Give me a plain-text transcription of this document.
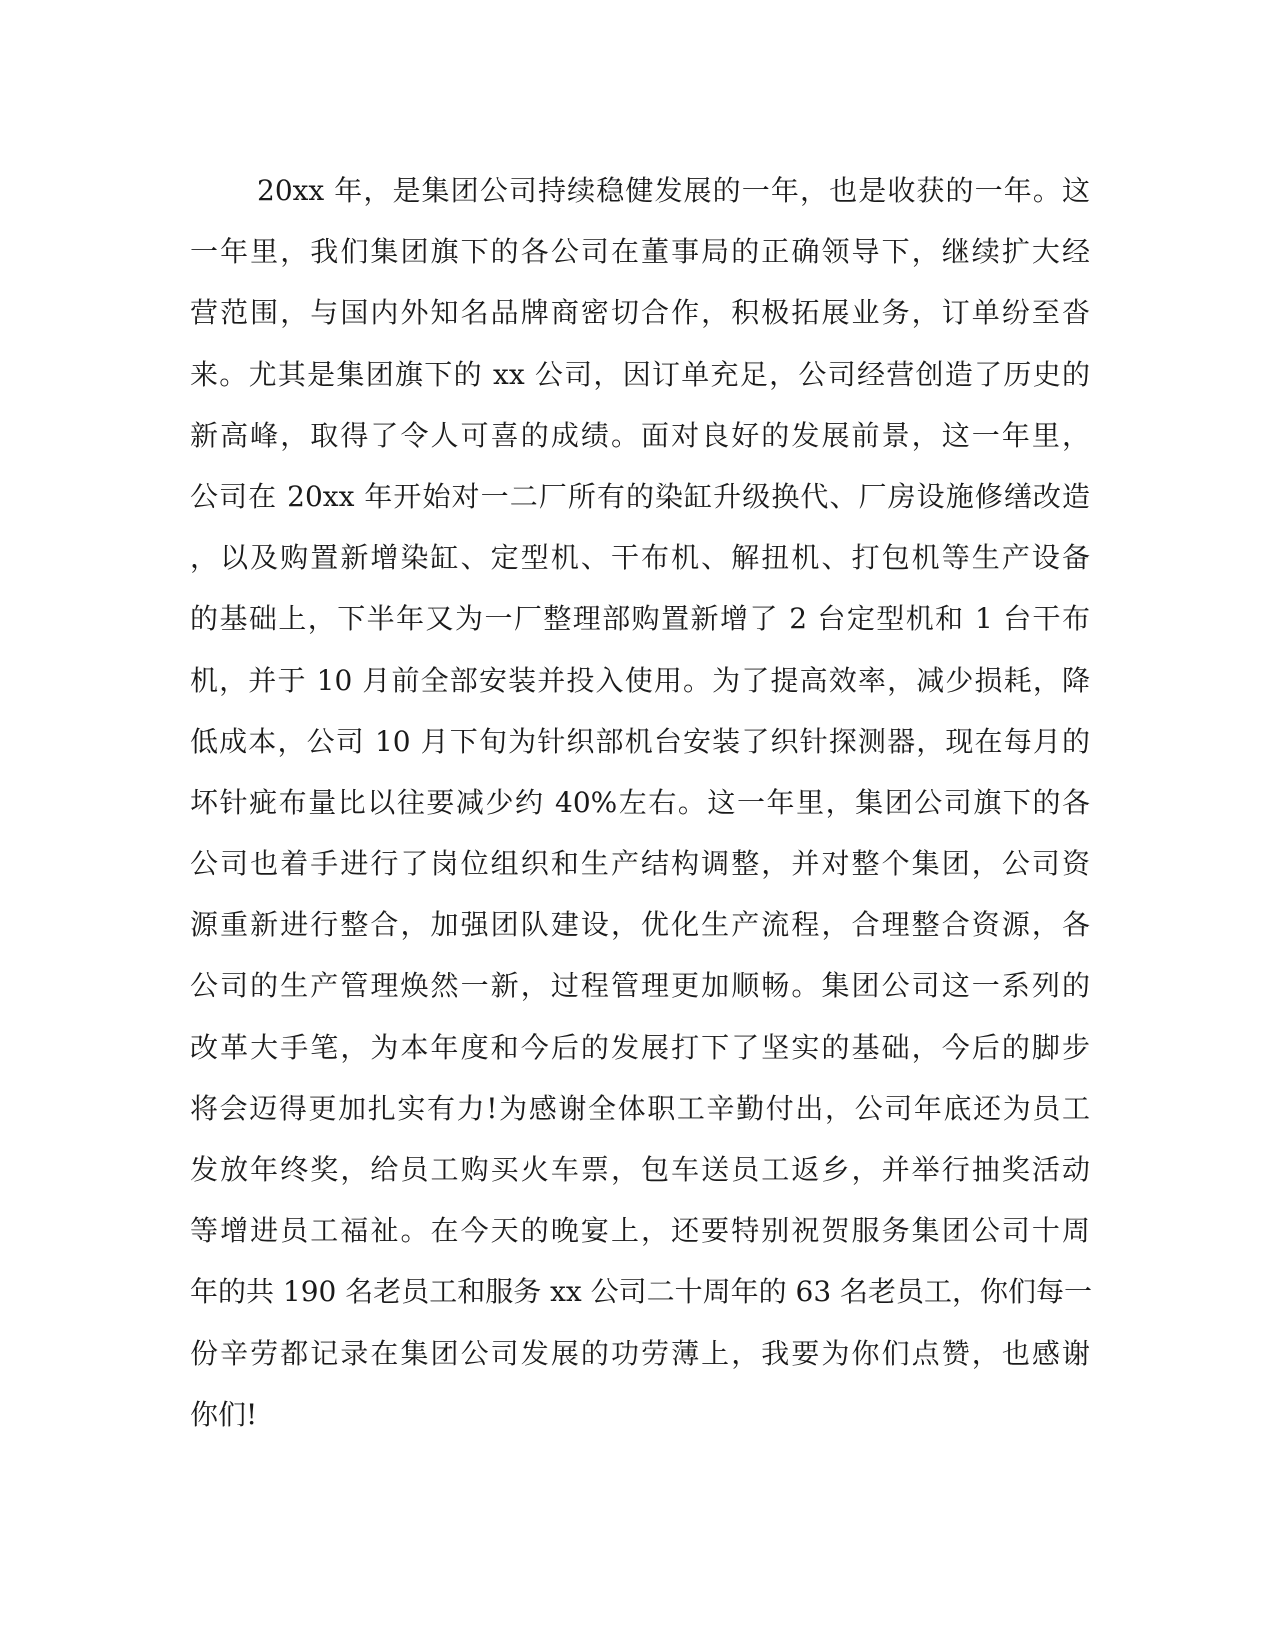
20xx 年，是集团公司持续稳健发展的一年，也是收获的一年。这
一年里，我们集团旗下的各公司在董事局的正确领导下，继续扩大经
营范围，与国内外知名品牌商密切合作，积极拓展业务，订单纷至沓
来。尤其是集团旗下的 xx 公司，因订单充足，公司经营创造了历史的
新高峰，取得了令人可喜的成绩。面对良好的发展前景，这一年里，
公司在 20xx 年开始对一二厂所有的染缸升级换代、厂房设施修缮改造
，以及购置新增染缸、定型机、干布机、解扭机、打包机等生产设备
的基础上，下半年又为一厂整理部购置新增了 2 台定型机和 1 台干布
机，并于 10 月前全部安装并投入使用。为了提高效率，减少损耗，降
低成本，公司 10 月下旬为针织部机台安装了织针探测器，现在每月的
坏针疵布量比以往要减少约 40%左右。这一年里，集团公司旗下的各
公司也着手进行了岗位组织和生产结构调整，并对整个集团，公司资
源重新进行整合，加强团队建设，优化生产流程，合理整合资源，各
公司的生产管理焕然一新，过程管理更加顺畅。集团公司这一系列的
改革大手笔，为本年度和今后的发展打下了坚实的基础，今后的脚步
将会迈得更加扎实有力!为感谢全体职工辛勤付出，公司年底还为员工
发放年终奖，给员工购买火车票，包车送员工返乡，并举行抽奖活动
等增进员工福祉。在今天的晚宴上，还要特别祝贺服务集团公司十周
年的共 190 名老员工和服务 xx 公司二十周年的 63 名老员工，你们每一
份辛劳都记录在集团公司发展的功劳薄上，我要为你们点赞，也感谢
你们!
